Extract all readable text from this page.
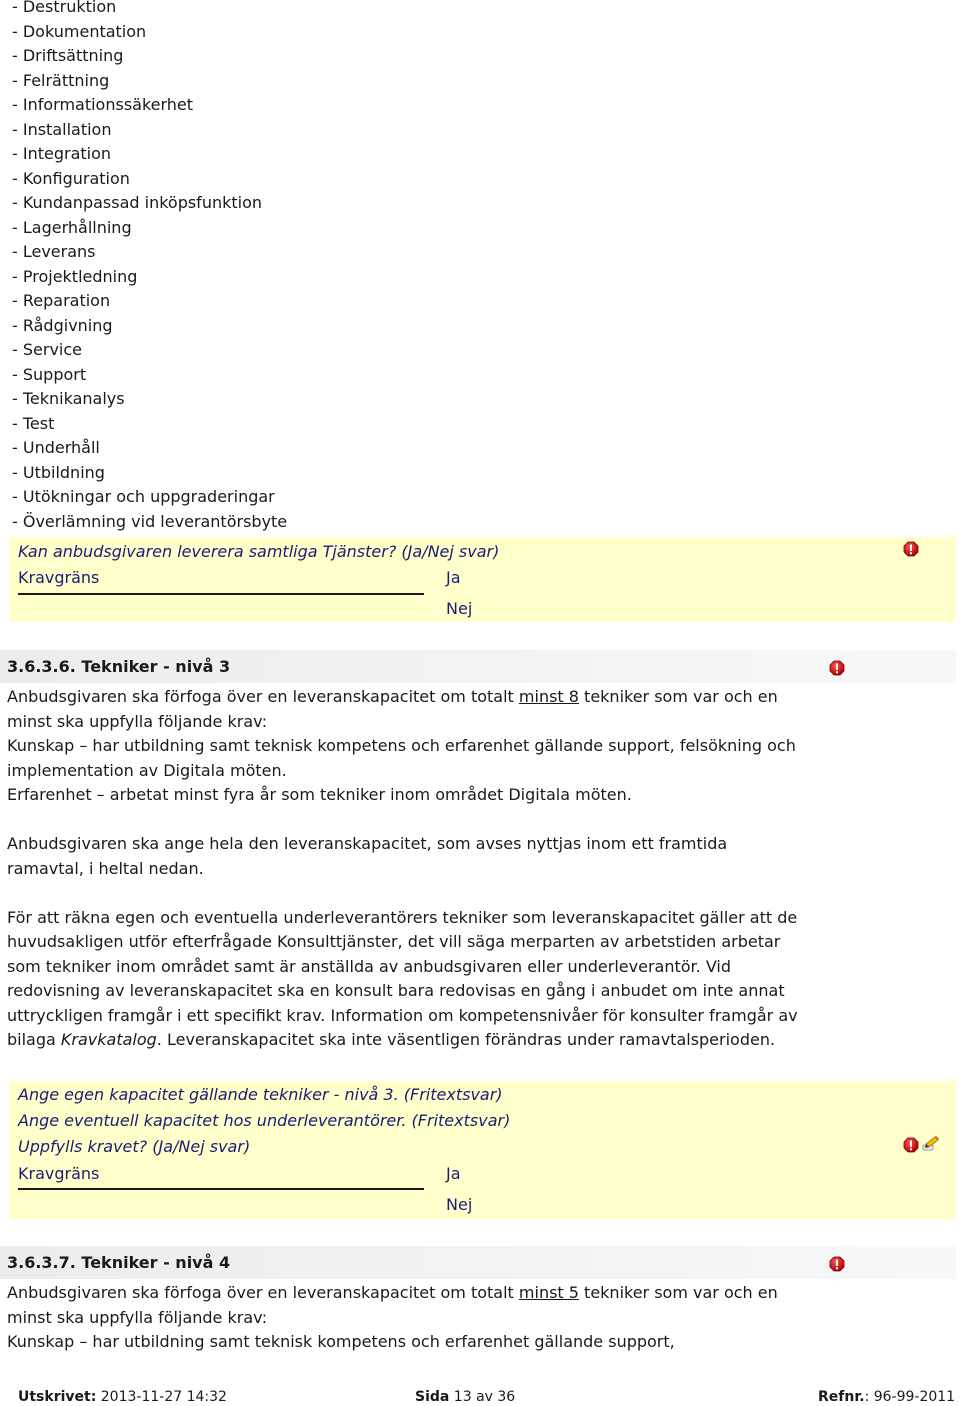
- Destruktion
- Dokumentation
- Driftsättning
- Felrättning
- Informationssäkerhet
- Installation
- Integration
- Konfiguration
- Kundanpassad inköpsfunktion
- Lagerhållning
- Leverans
- Projektledning
- Reparation
- Rådgivning
- Service
- Support
- Teknikanalys
- Test
- Underhåll
- Utbildning
- Utökningar och uppgraderingar
- Överlämning vid leverantörsbyte
Kan anbudsgivaren leverera samtliga Tjänster? (Ja/Nej svar)
Kravgräns	Ja
Nej
3.6.3.6. Tekniker - nivå 3

Anbudsgivaren ska förfoga över en leveranskapacitet om totalt minst 8 tekniker som var och en minst ska uppfylla följande krav:

Kunskap – har utbildning samt teknisk kompetens och erfarenhet gällande support, felsökning och implementation av Digitala möten.

Erfarenhet – arbetat minst fyra år som tekniker inom området Digitala möten.

Anbudsgivaren ska ange hela den leveranskapacitet, som avses nyttjas inom ett framtida ramavtal, i heltal nedan.

För att räkna egen och eventuella underleverantörers tekniker som leveranskapacitet gäller att de huvudsakligen utför efterfrågade Konsulttjänster, det vill säga merparten av arbetstiden arbetar som tekniker inom området samt är anställda av anbudsgivaren eller underleverantör. Vid redovisning av leveranskapacitet ska en konsult bara redovisas en gång i anbudet om inte annat uttryckligen framgår i ett specifikt krav. Information om kompetensnivåer för konsulter framgår av bilaga Kravkatalog. Leveranskapacitet ska inte väsentligen förändras under ramavtalsperioden.

Ange egen kapacitet gällande tekniker - nivå 3. (Fritextsvar)
Ange eventuell kapacitet hos underleverantörer. (Fritextsvar)
Uppfylls kravet? (Ja/Nej svar)
Kravgräns	Ja
Nej
3.6.3.7. Tekniker - nivå 4

Anbudsgivaren ska förfoga över en leveranskapacitet om totalt minst 5 tekniker som var och en minst ska uppfylla följande krav:

Kunskap – har utbildning samt teknisk kompetens och erfarenhet gällande support,

Utskrivet: 2013-11-27 14:32	Sida 13 av 36	Refnr.: 96-99-2011
